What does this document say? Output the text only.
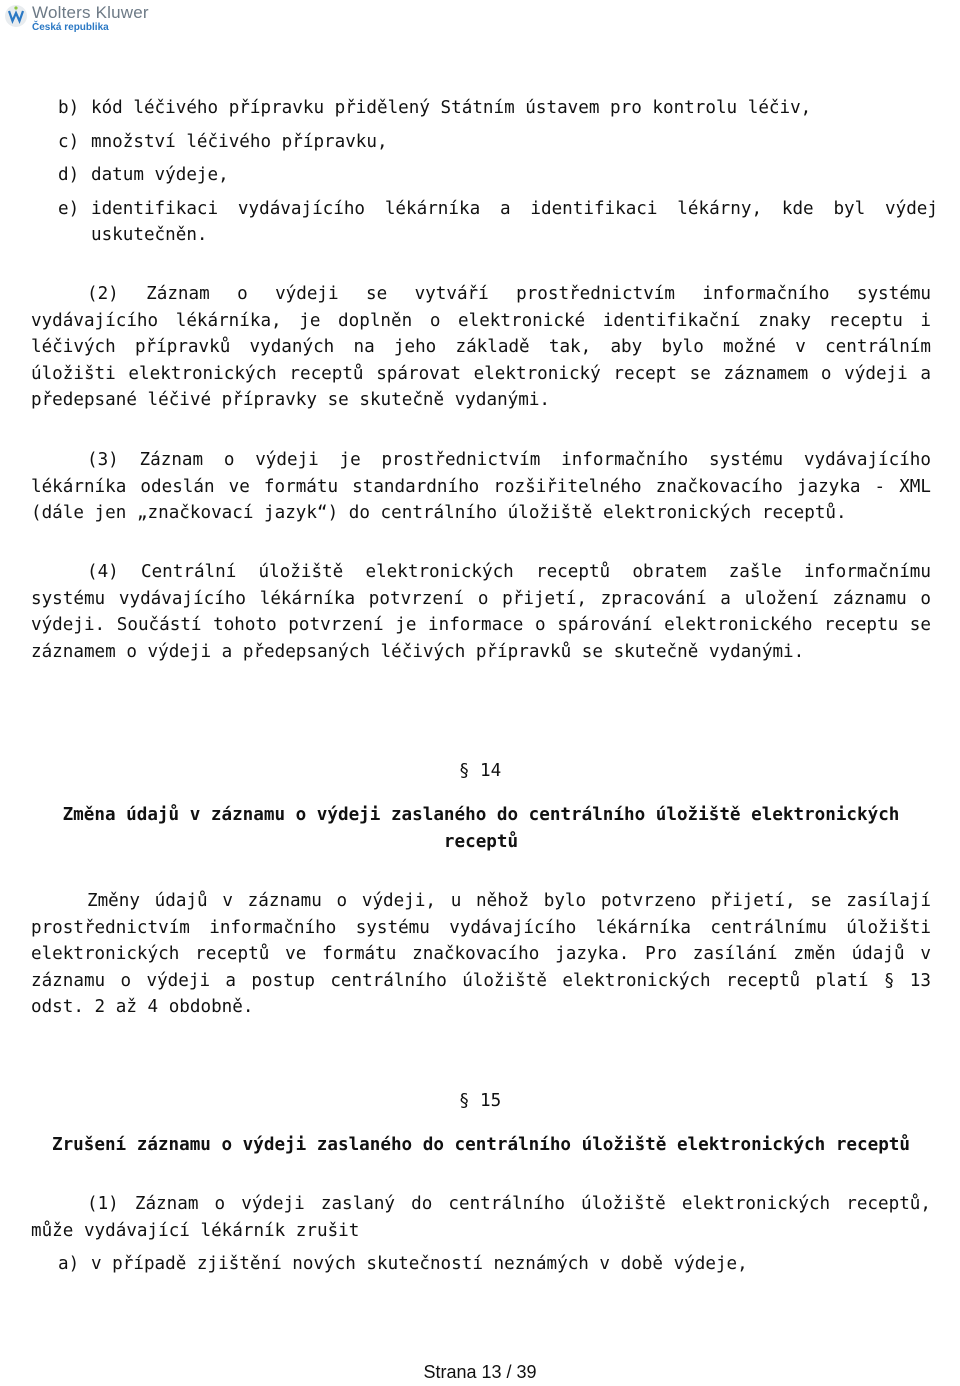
Wolters Kluwer
Česká republika
b) kód léčivého přípravku přidělený Státním ústavem pro kontrolu léčiv,
c) množství léčivého přípravku,
d) datum výdeje,
e) identifikaci vydávajícího lékárníka a identifikaci lékárny, kde byl výdej uskutečněn.
(2) Záznam o výdeji se vytváří prostřednictvím informačního systému vydávajícího lékárníka, je doplněn o elektronické identifikační znaky receptu i léčivých přípravků vydaných na jeho základě tak, aby bylo možné v centrálním úložišti elektronických receptů spárovat elektronický recept se záznamem o výdeji a předepsané léčivé přípravky se skutečně vydanými.
(3) Záznam o výdeji je prostřednictvím informačního systému vydávajícího lékárníka odeslán ve formátu standardního rozšiřitelného značkovacího jazyka - XML (dále jen „značkovací jazyk“) do centrálního úložiště elektronických receptů.
(4) Centrální úložiště elektronických receptů obratem zašle informačnímu systému vydávajícího lékárníka potvrzení o přijetí, zpracování a uložení záznamu o výdeji. Součástí tohoto potvrzení je informace o spárování elektronického receptu se záznamem o výdeji a předepsaných léčivých přípravků se skutečně vydanými.
§ 14
Změna údajů v záznamu o výdeji zaslaného do centrálního úložiště elektronických receptů
Změny údajů v záznamu o výdeji, u něhož bylo potvrzeno přijetí, se zasílají prostřednictvím informačního systému vydávajícího lékárníka centrálnímu úložišti elektronických receptů ve formátu značkovacího jazyka. Pro zasílání změn údajů v záznamu o výdeji a postup centrálního úložiště elektronických receptů platí § 13 odst. 2 až 4 obdobně.
§ 15
Zrušení záznamu o výdeji zaslaného do centrálního úložiště elektronických receptů
(1) Záznam o výdeji zaslaný do centrálního úložiště elektronických receptů, může vydávající lékárník zrušit
a) v případě zjištění nových skutečností neznámých v době výdeje,
Strana 13 / 39
